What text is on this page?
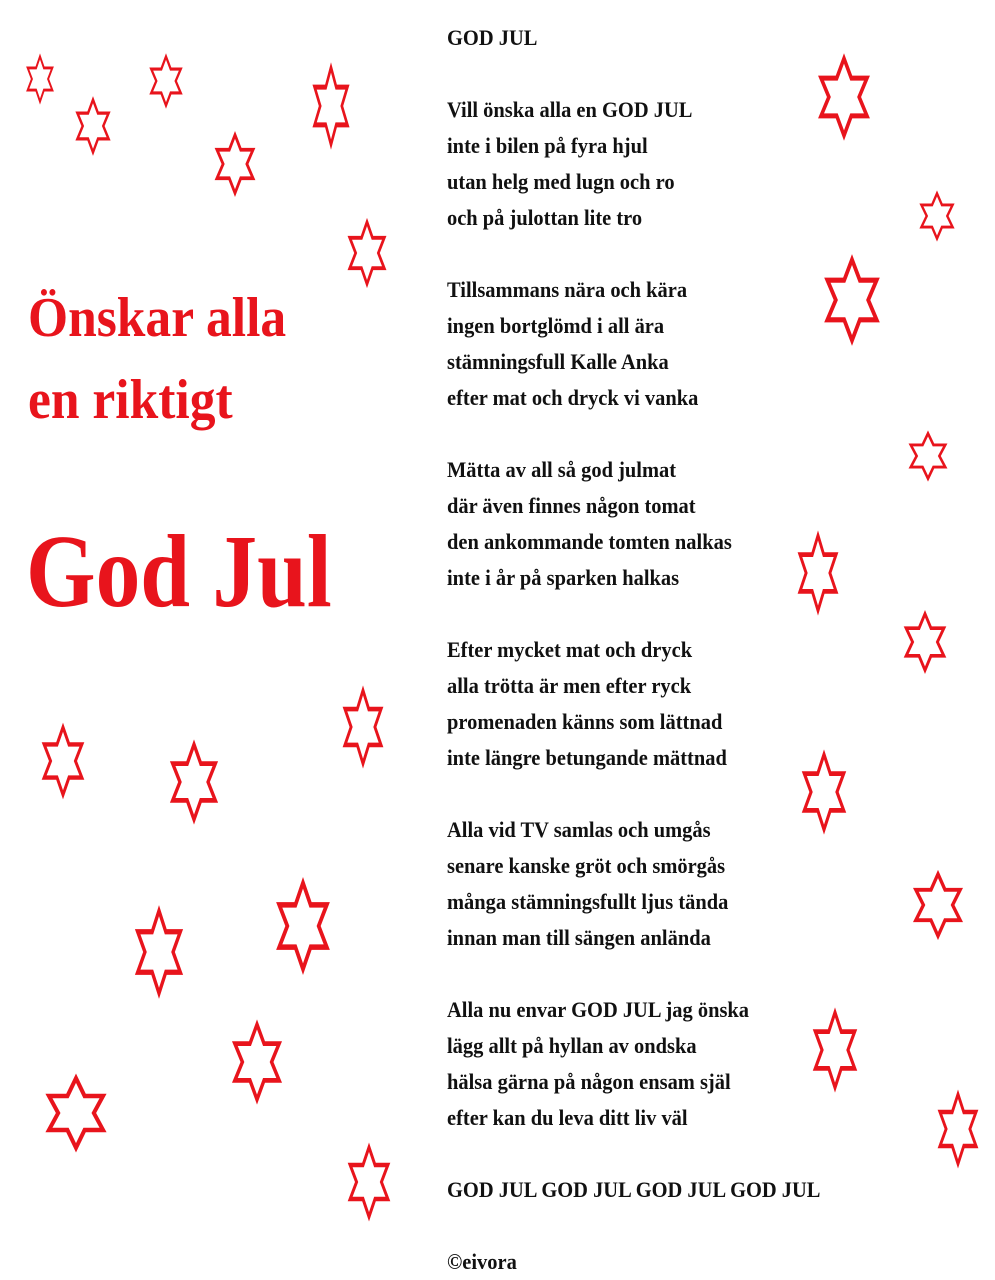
Önskar alla
en riktigt
God Jul
GOD JUL
Vill önska alla en GOD JUL
inte i bilen på fyra hjul
utan helg med lugn och ro
och på julottan lite tro
Tillsammans nära och kära
ingen bortglömd i all ära
stämningsfull Kalle Anka
efter mat och dryck vi vanka
Mätta av all så god julmat
där även finnes någon tomat
den ankommande tomten nalkas
inte i år på sparken halkas
Efter mycket mat och dryck
alla trötta är men efter ryck
promenaden känns som lättnad
inte längre betungande mättnad
Alla vid TV samlas och umgås
senare kanske gröt och smörgås
många stämningsfullt ljus tända
innan man till sängen anlända
Alla nu envar GOD JUL jag önska
lägg allt på hyllan av ondska
hälsa gärna på någon ensam själ
efter kan du leva ditt liv väl
GOD JUL GOD JUL GOD JUL GOD JUL
©eivora
